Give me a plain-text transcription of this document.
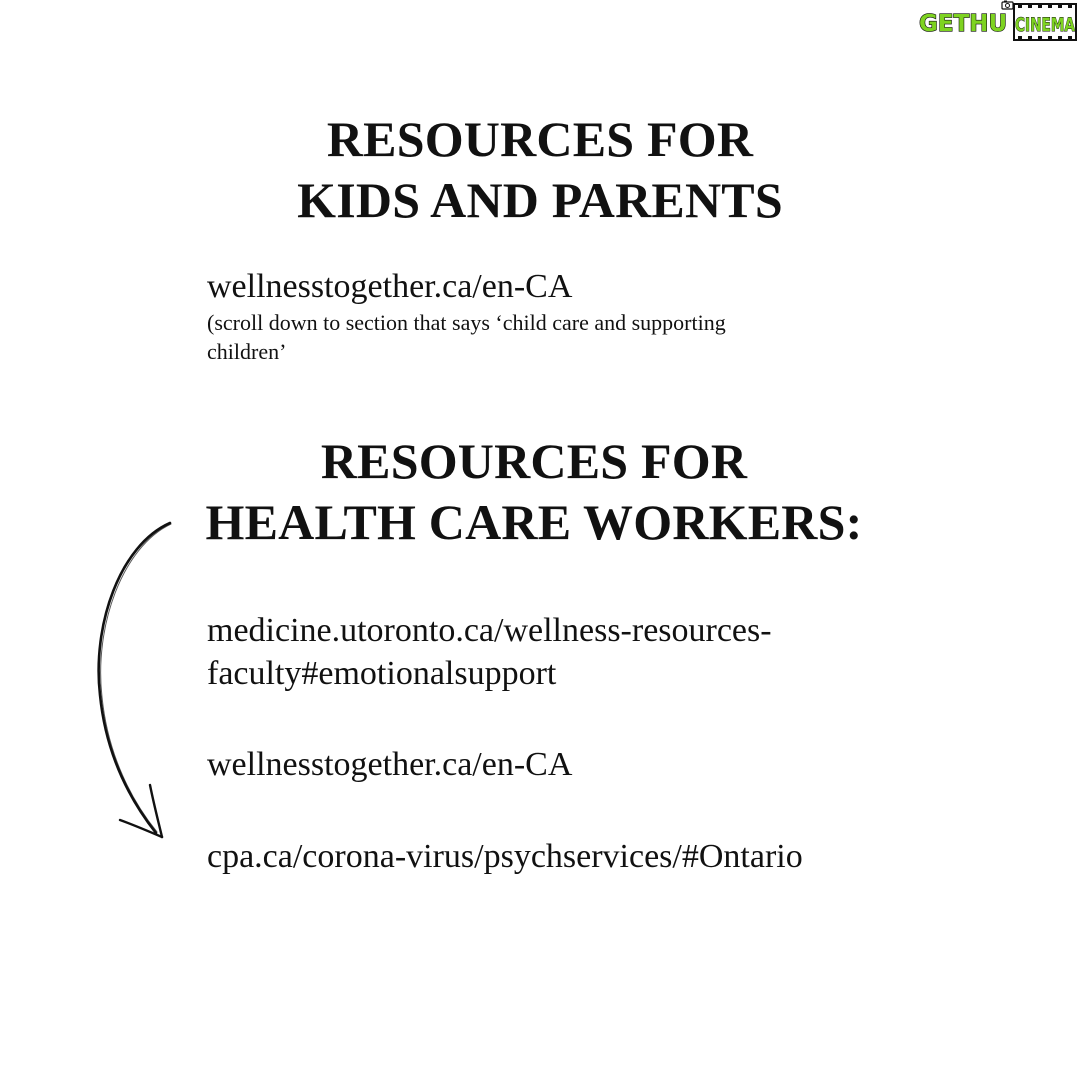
GETHU CINEMA
RESOURCES FOR
KIDS AND PARENTS

wellnesstogether.ca/en-CA

(scroll down to section that says ‘child care and supporting children’

RESOURCES FOR
HEALTH CARE WORKERS:

medicine.utoronto.ca/wellness-resources-

faculty#emotionalsupport

wellnesstogether.ca/en-CA

cpa.ca/corona-virus/psychservices/#Ontario
